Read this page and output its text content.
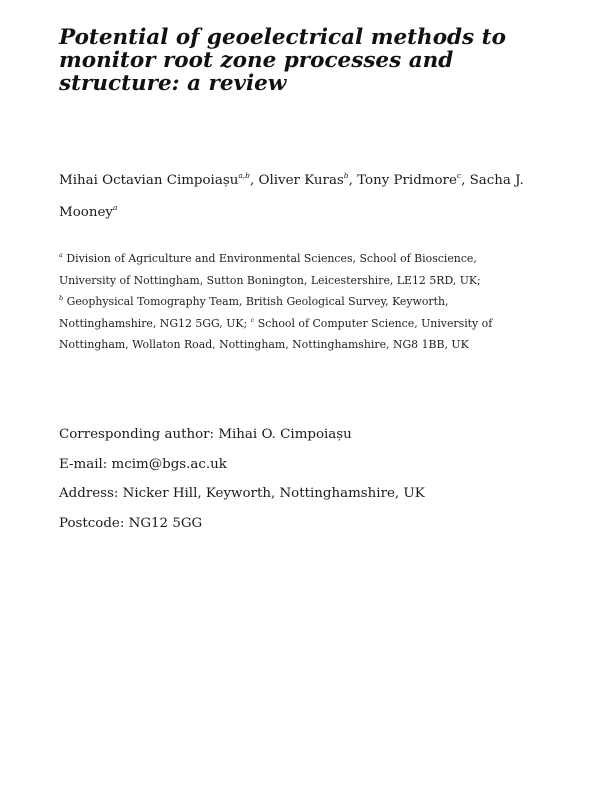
Potential of geoelectrical methods to
monitor root zone processes and
structure: a review

Mihai Octavian Cimpoiașu$^{a,b}$, Oliver Kuras$^b$, Tony Pridmore$^c$, Sacha J.
Mooney$^a$

$^a$ Division of Agriculture and Environmental Sciences, School of Bioscience,
University of Nottingham, Sutton Bonington, Leicestershire, LE12 5RD, UK;
$^b$ Geophysical Tomography Team, British Geological Survey, Keyworth,
Nottinghamshire, NG12 5GG, UK; $^c$ School of Computer Science, University of
Nottingham, Wollaton Road, Nottingham, Nottinghamshire, NG8 1BB, UK

Corresponding author: Mihai O. Cimpoiașu
E-mail: mcim@bgs.ac.uk
Address: Nicker Hill, Keyworth, Nottinghamshire, UK
Postcode: NG12 5GG
